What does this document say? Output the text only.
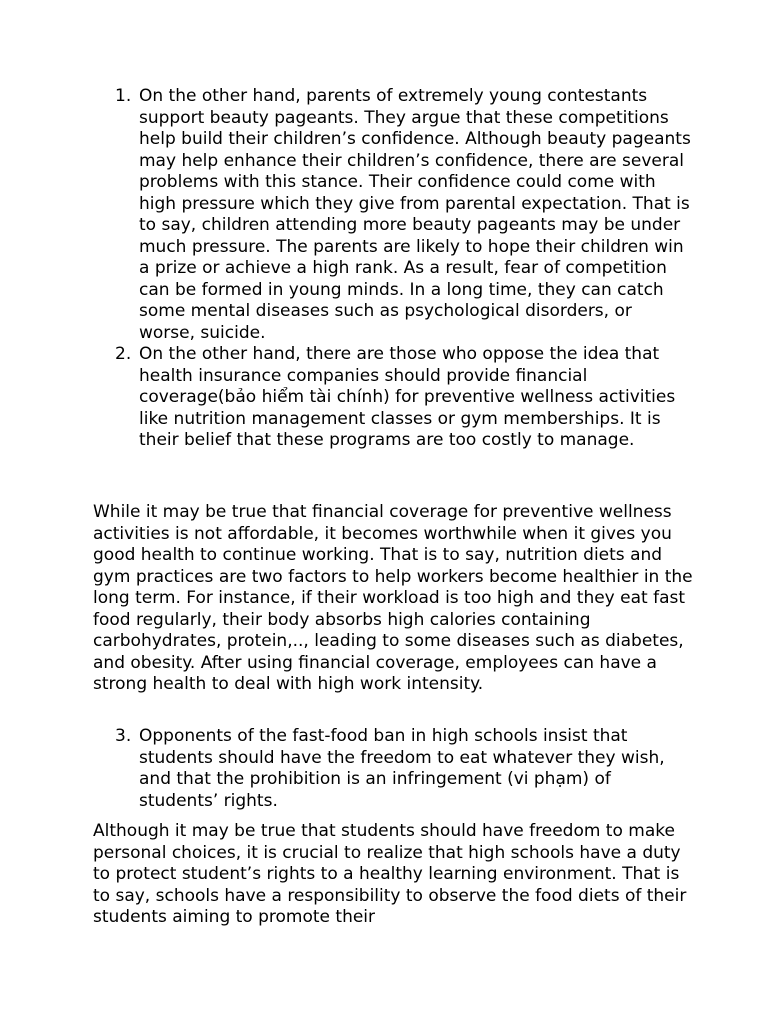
1. On the other hand, parents of extremely young contestants support beauty pageants. They argue that these competitions help build their children’s confidence. Although beauty pageants may help enhance their children’s confidence, there are several problems with this stance. Their confidence could come with high pressure which they give from parental expectation. That is to say, children attending more beauty pageants may be under much pressure. The parents are likely to hope their children win a prize or achieve a high rank. As a result, fear of competition can be formed in young minds. In a long time, they can catch some mental diseases such as psychological disorders, or worse, suicide.
2. On the other hand, there are those who oppose the idea that health insurance companies should provide financial coverage(bảo hiểm tài chính) for preventive wellness activities like nutrition management classes or gym memberships. It is their belief that these programs are too costly to manage.

While it may be true that financial coverage for preventive wellness activities is not affordable, it becomes worthwhile when it gives you good health to continue working. That is to say, nutrition diets and gym practices are two factors to help workers become healthier in the long term. For instance, if their workload is too high and they eat fast food regularly, their body absorbs high calories containing carbohydrates, protein,.., leading to some diseases such as diabetes, and obesity. After using financial coverage, employees can have a strong health to deal with high work intensity.

3. Opponents of the fast-food ban in high schools insist that students should have the freedom to eat whatever they wish, and that the prohibition is an infringement (vi phạm) of students’ rights.

Although it may be true that students should have freedom to make personal choices, it is crucial to realize that high schools have a duty to protect student’s rights to a healthy learning environment. That is to say, schools have a responsibility to observe the food diets of their students aiming to promote their
